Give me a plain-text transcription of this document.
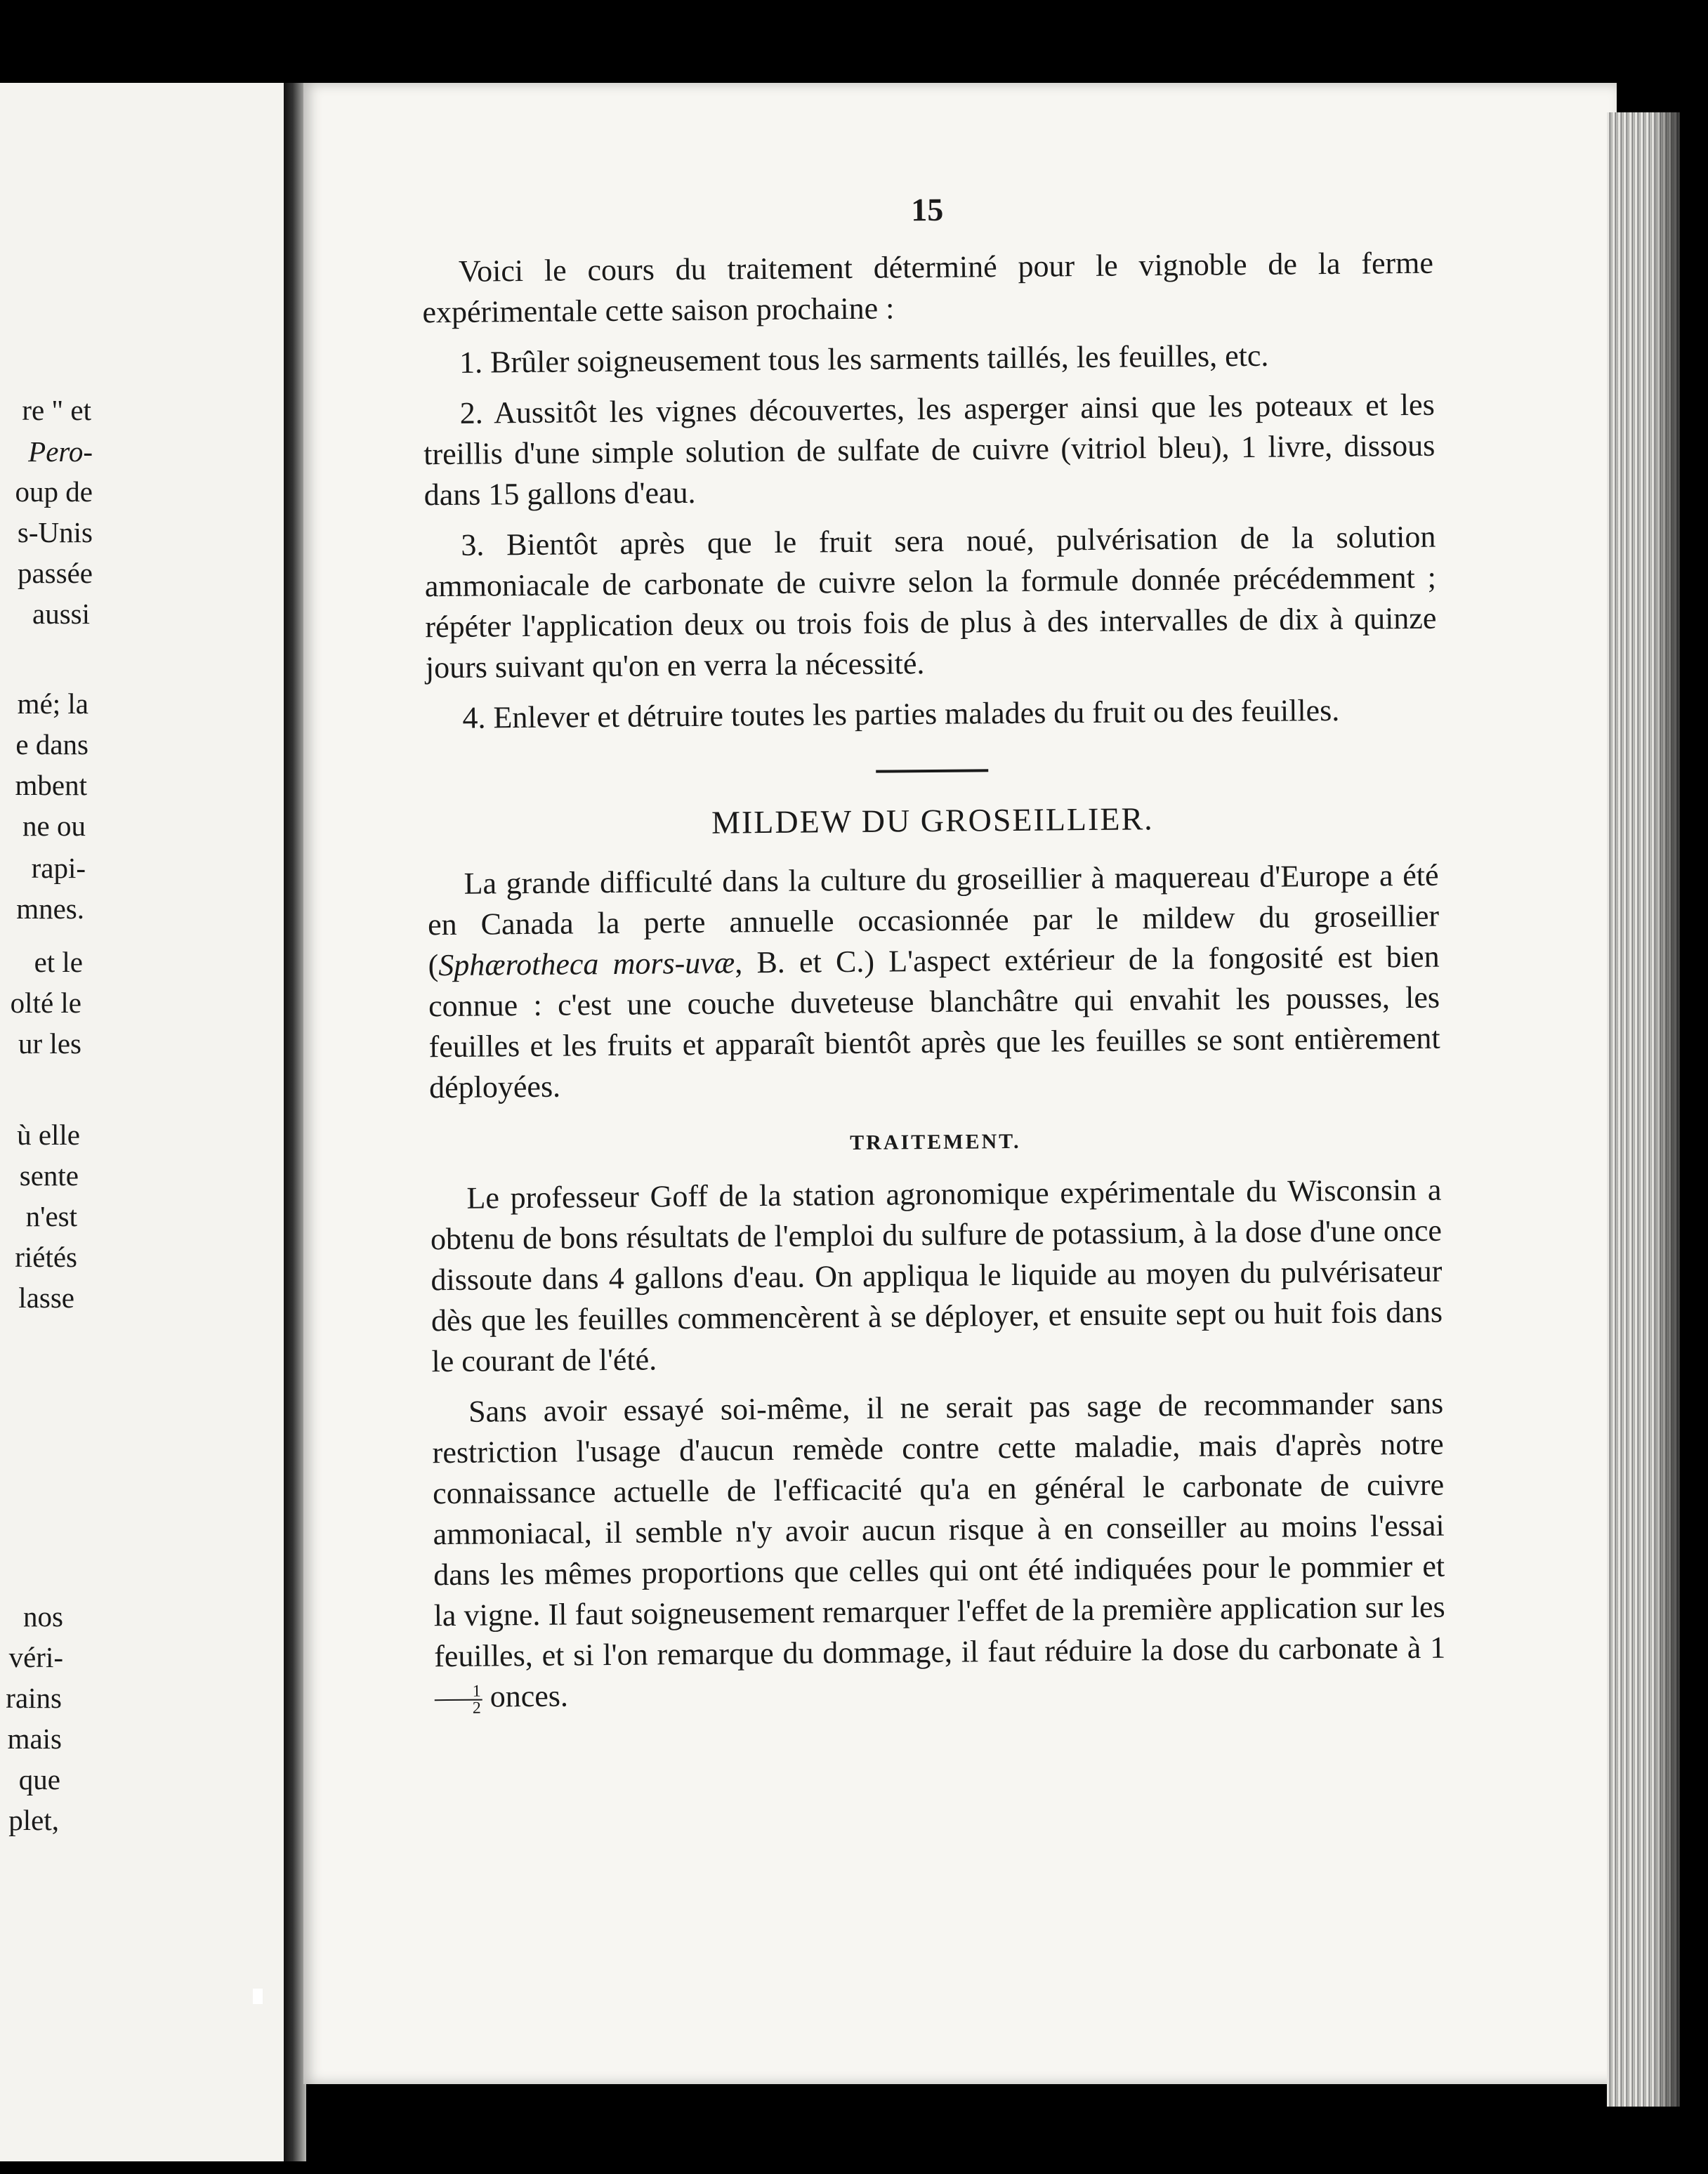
re " et
Pero-
oup de
s-Unis
passée
aussi
mé; la
e dans
mbent
ne ou
rapi-
mnes.
et le
olté le
ur les
ù elle
sente
n'est
riétés
lasse
nos
véri-
rains
mais
que
plet,
15

Voici le cours du traitement déterminé pour le vignoble de la ferme expérimentale cette saison prochaine :

1. Brûler soigneusement tous les sarments taillés, les feuilles, etc.

2. Aussitôt les vignes découvertes, les asperger ainsi que les poteaux et les treillis d'une simple solution de sulfate de cuivre (vitriol bleu), 1 livre, dissous dans 15 gallons d'eau.

3. Bientôt après que le fruit sera noué, pulvérisation de la solution ammoniacale de carbonate de cuivre selon la formule donnée précédemment ; répéter l'application deux ou trois fois de plus à des intervalles de dix à quinze jours suivant qu'on en verra la nécessité.

4. Enlever et détruire toutes les parties malades du fruit ou des feuilles.

MILDEW DU GROSEILLIER.

La grande difficulté dans la culture du groseillier à maquereau d'Europe a été en Canada la perte annuelle occasionnée par le mildew du groseillier (Sphærotheca mors-uvæ, B. et C.) L'aspect extérieur de la fongosité est bien connue : c'est une couche duveteuse blanchâtre qui envahit les pousses, les feuilles et les fruits et apparaît bientôt après que les feuilles se sont entièrement déployées.

TRAITEMENT.

Le professeur Goff de la station agronomique expérimentale du Wisconsin a obtenu de bons résultats de l'emploi du sulfure de potassium, à la dose d'une once dissoute dans 4 gallons d'eau. On appliqua le liquide au moyen du pulvérisateur dès que les feuilles commencèrent à se déployer, et ensuite sept ou huit fois dans le courant de l'été.

Sans avoir essayé soi-même, il ne serait pas sage de recommander sans restriction l'usage d'aucun remède contre cette maladie, mais d'après notre connaissance actuelle de l'efficacité qu'a en général le carbonate de cuivre ammoniacal, il semble n'y avoir aucun risque à en conseiller au moins l'essai dans les mêmes proportions que celles qui ont été indiquées pour le pommier et la vigne. Il faut soigneusement remarquer l'effet de la première application sur les feuilles, et si l'on remarque du dommage, il faut réduire la dose du carbonate à 1
$\frac{1}{2}$ onces.
